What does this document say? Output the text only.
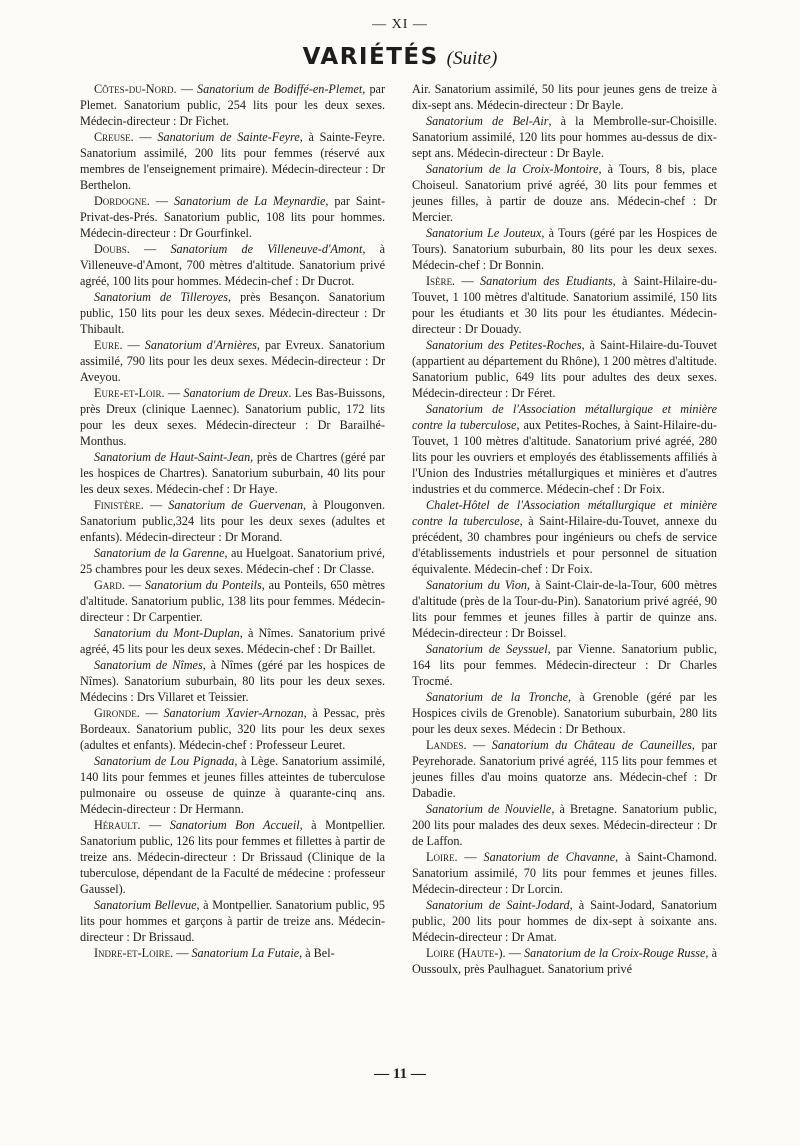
— XI —
VARIÉTÉS (Suite)

Côtes-du-Nord. — Sanatorium de Bodiffé-en-Plemet, par Plemet. Sanatorium public, 254 lits pour les deux sexes. Médecin-directeur : Dr Fichet.

Creuse. — Sanatorium de Sainte-Feyre, à Sainte-Feyre. Sanatorium assimilé, 200 lits pour femmes (réservé aux membres de l'enseignement primaire). Médecin-directeur : Dr Berthelon.

Dordogne. — Sanatorium de La Meynardie, par Saint-Privat-des-Prés. Sanatorium public, 108 lits pour hommes. Médecin-directeur : Dr Gourfinkel.

Doubs. — Sanatorium de Villeneuve-d'Amont, à Villeneuve-d'Amont, 700 mètres d'altitude. Sanatorium privé agréé, 100 lits pour hommes. Médecin-chef : Dr Ducrot.

Sanatorium de Tilleroyes, près Besançon. Sanatorium public, 150 lits pour les deux sexes. Médecin-directeur : Dr Thibault.

Eure. — Sanatorium d'Arnières, par Evreux. Sanatorium assimilé, 790 lits pour les deux sexes. Médecin-directeur : Dr Aveyou.

Eure-et-Loir. — Sanatorium de Dreux. Les Bas-Buissons, près Dreux (clinique Laennec). Sanatorium public, 172 lits pour les deux sexes. Médecin-directeur : Dr Barailhé-Monthus.

Sanatorium de Haut-Saint-Jean, près de Chartres (géré par les hospices de Chartres). Sanatorium suburbain, 40 lits pour les deux sexes. Médecin-chef : Dr Haye.

Finistère. — Sanatorium de Guervenan, à Plougonven. Sanatorium public,324 lits pour les deux sexes (adultes et enfants). Médecin-directeur : Dr Morand.

Sanatorium de la Garenne, au Huelgoat. Sanatorium privé, 25 chambres pour les deux sexes. Médecin-chef : Dr Classe.

Gard. — Sanatorium du Ponteils, au Ponteils, 650 mètres d'altitude. Sanatorium public, 138 lits pour femmes. Médecin-directeur : Dr Carpentier.

Sanatorium du Mont-Duplan, à Nîmes. Sanatorium privé agréé, 45 lits pour les deux sexes. Médecin-chef : Dr Baillet.

Sanatorium de Nîmes, à Nîmes (géré par les hospices de Nîmes). Sanatorium suburbain, 80 lits pour les deux sexes. Médecins : Drs Villaret et Teissier.

Gironde. — Sanatorium Xavier-Arnozan, à Pessac, près Bordeaux. Sanatorium public, 320 lits pour les deux sexes (adultes et enfants). Médecin-chef : Professeur Leuret.

Sanatorium de Lou Pignada, à Lège. Sanatorium assimilé, 140 lits pour femmes et jeunes filles atteintes de tuberculose pulmonaire ou osseuse de quinze à quarante-cinq ans. Médecin-directeur : Dr Hermann.

Hérault. — Sanatorium Bon Accueil, à Montpellier. Sanatorium public, 126 lits pour femmes et fillettes à partir de treize ans. Médecin-directeur : Dr Brissaud (Clinique de la tuberculose, dépendant de la Faculté de médecine : professeur Gaussel).

Sanatorium Bellevue, à Montpellier. Sanatorium public, 95 lits pour hommes et garçons à partir de treize ans. Médecin-directeur : Dr Brissaud.

Indre-et-Loire. — Sanatorium La Futaie, à Bel-

Air. Sanatorium assimilé, 50 lits pour jeunes gens de treize à dix-sept ans. Médecin-directeur : Dr Bayle.

Sanatorium de Bel-Air, à la Membrolle-sur-Choisille. Sanatorium assimilé, 120 lits pour hommes au-dessus de dix-sept ans. Médecin-directeur : Dr Bayle.

Sanatorium de la Croix-Montoire, à Tours, 8 bis, place Choiseul. Sanatorium privé agréé, 30 lits pour femmes et jeunes filles, à partir de douze ans. Médecin-chef : Dr Mercier.

Sanatorium Le Jouteux, à Tours (géré par les Hospices de Tours). Sanatorium suburbain, 80 lits pour les deux sexes. Médecin-chef : Dr Bonnin.

Isère. — Sanatorium des Etudiants, à Saint-Hilaire-du-Touvet, 1 100 mètres d'altitude. Sanatorium assimilé, 150 lits pour les étudiants et 30 lits pour les étudiantes. Médecin-directeur : Dr Douady.

Sanatorium des Petites-Roches, à Saint-Hilaire-du-Touvet (appartient au département du Rhône), 1 200 mètres d'altitude. Sanatorium public, 649 lits pour adultes des deux sexes. Médecin-directeur : Dr Féret.

Sanatorium de l'Association métallurgique et minière contre la tuberculose, aux Petites-Roches, à Saint-Hilaire-du-Touvet, 1 100 mètres d'altitude. Sanatorium privé agréé, 280 lits pour les ouvriers et employés des établissements affiliés à l'Union des Industries métallurgiques et minières et d'autres industries et du commerce. Médecin-chef : Dr Foix.

Chalet-Hôtel de l'Association métallurgique et minière contre la tuberculose, à Saint-Hilaire-du-Touvet, annexe du précédent, 30 chambres pour ingénieurs ou chefs de service d'établissements industriels et pour personnel de situation équivalente. Médecin-chef : Dr Foix.

Sanatorium du Vion, à Saint-Clair-de-la-Tour, 600 mètres d'altitude (près de la Tour-du-Pin). Sanatorium privé agréé, 90 lits pour femmes et jeunes filles à partir de quinze ans. Médecin-directeur : Dr Boissel.

Sanatorium de Seyssuel, par Vienne. Sanatorium public, 164 lits pour femmes. Médecin-directeur : Dr Charles Trocmé.

Sanatorium de la Tronche, à Grenoble (géré par les Hospices civils de Grenoble). Sanatorium suburbain, 280 lits pour les deux sexes. Médecin : Dr Bethoux.

Landes. — Sanatorium du Château de Cauneilles, par Peyrehorade. Sanatorium privé agréé, 115 lits pour femmes et jeunes filles d'au moins quatorze ans. Médecin-chef : Dr Dabadie.

Sanatorium de Nouvielle, à Bretagne. Sanatorium public, 200 lits pour malades des deux sexes. Médecin-directeur : Dr de Laffon.

Loire. — Sanatorium de Chavanne, à Saint-Chamond. Sanatorium assimilé, 70 lits pour femmes et jeunes filles. Médecin-directeur : Dr Lorcin.

Sanatorium de Saint-Jodard, à Saint-Jodard, Sanatorium public, 200 lits pour hommes de dix-sept à soixante ans. Médecin-directeur : Dr Amat.

Loire (Haute-). — Sanatorium de la Croix-Rouge Russe, à Oussoulx, près Paulhaguet. Sanatorium privé

— 11 —
